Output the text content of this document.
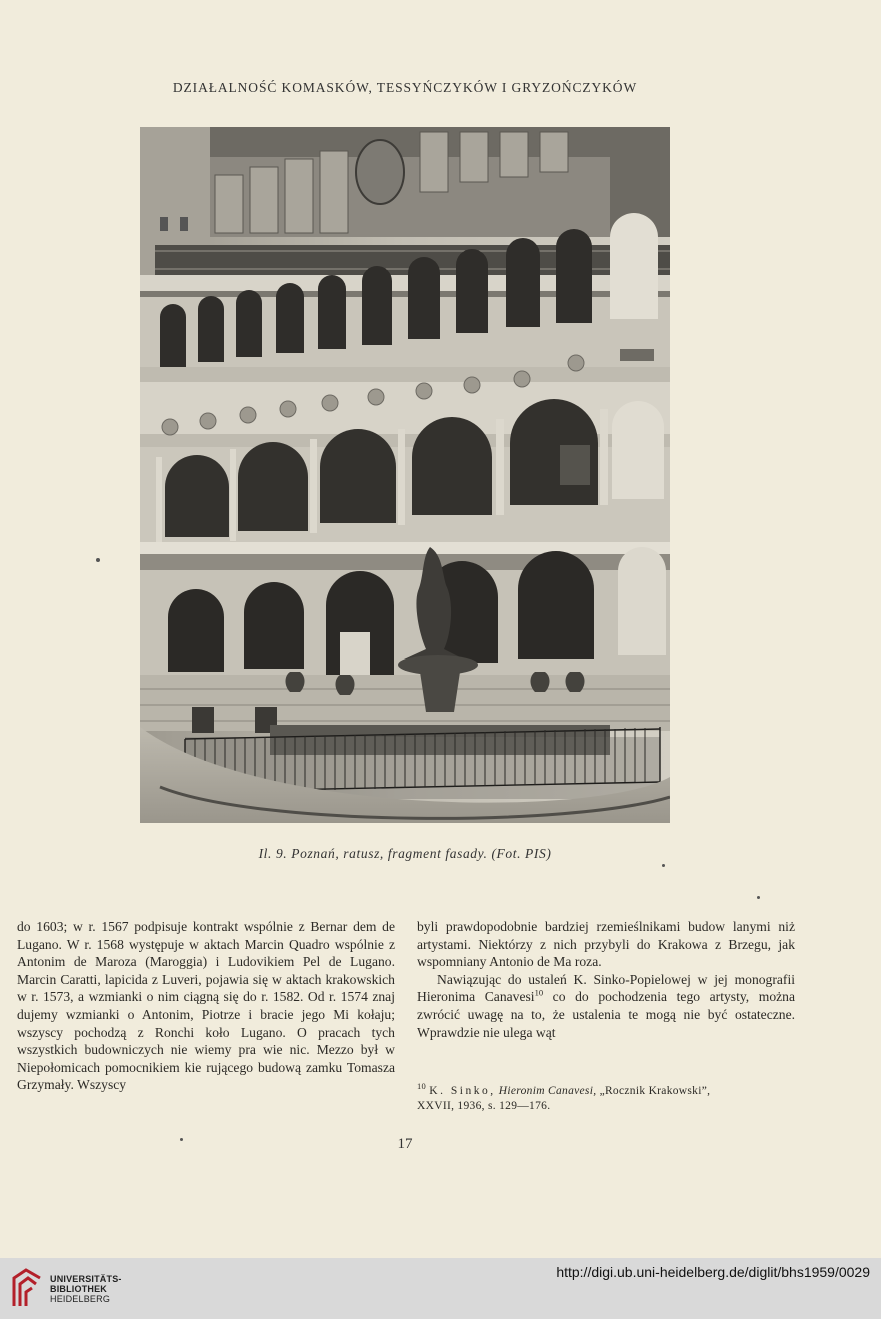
DZIAŁALNOŚĆ KOMASKÓW, TESSYŃCZYKÓW I GRYZOŃCZYKÓW
Il. 9. Poznań, ratusz, fragment fasady. (Fot. PIS)

do 1603; w r. 1567 podpisuje kontrakt wspólnie z Bernar dem de Lugano. W r. 1568 występuje w aktach Marcin Quadro wspólnie z Antonim de Maroza (Maroggia) i Ludovikiem Pel de Lugano. Marcin Caratti, lapicida z Luveri, pojawia się w aktach krakowskich w r. 1573, a wzmianki o nim ciągną się do r. 1582. Od r. 1574 znaj dujemy wzmianki o Antonim, Piotrze i bracie jego Mi kołaju; wszyscy pochodzą z Ronchi koło Lugano. O pracach tych wszystkich budowniczych nie wiemy pra wie nic. Mezzo był w Niepołomicach pomocnikiem kie rującego budową zamku Tomasza Grzymały. Wszyscy

byli prawdopodobnie bardziej rzemieślnikami budow lanymi niż artystami. Niektórzy z nich przybyli do Krakowa z Brzegu, jak wspomniany Antonio de Ma roza.

Nawiązując do ustaleń K. Sinko-Popielowej w jej monografii Hieronima Canavesi$^{10}$ co do pochodzenia tego artysty, można zwrócić uwagę na to, że ustalenia te mogą nie być ostateczne. Wprawdzie nie ulega wąt

$^{10}$ K. Sinko, Hieronim Canavesi, „Rocznik Krakowski”,
XXVII, 1936, s. 129—176.
17
UNIVERSITÄTS-
BIBLIOTHEK
HEIDELBERG
http://digi.ub.uni-heidelberg.de/diglit/bhs1959/0029
